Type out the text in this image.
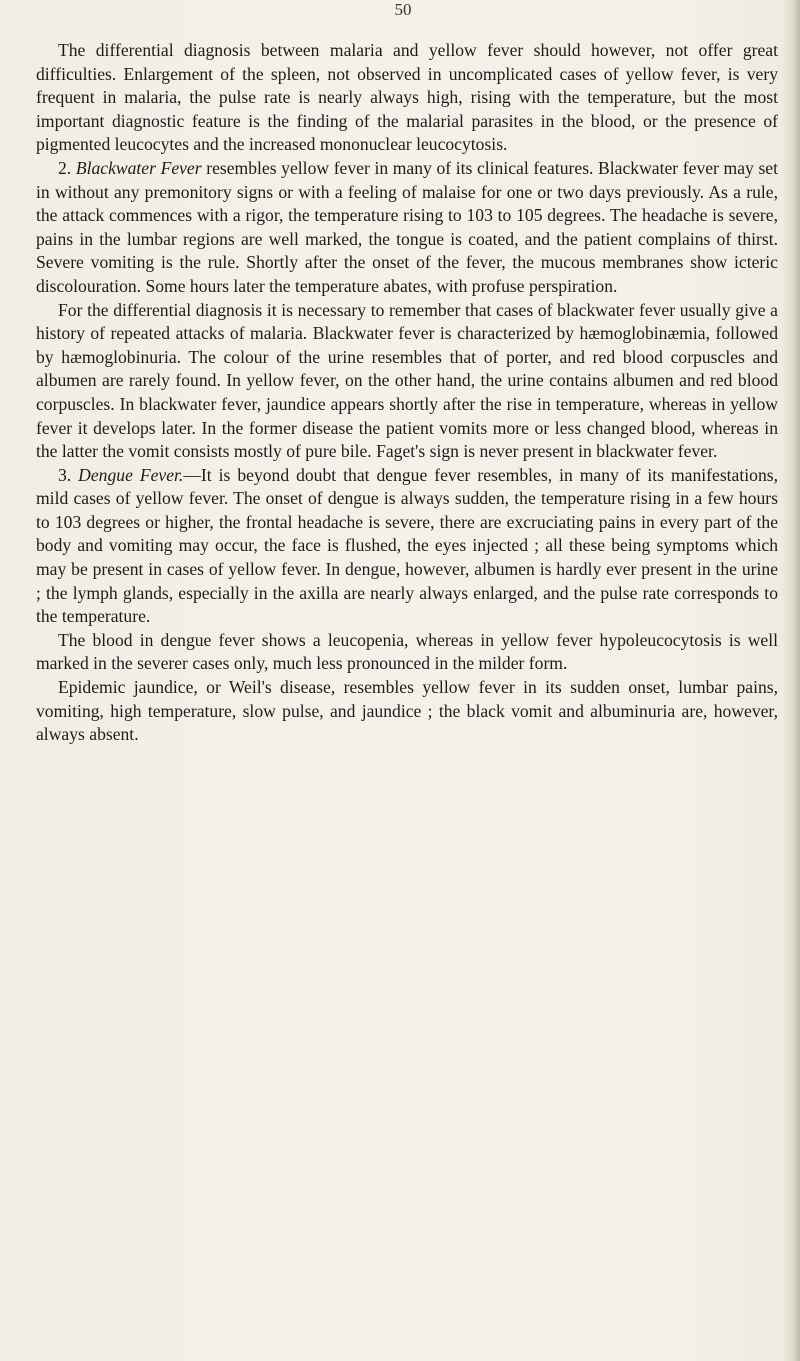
50

The differential diagnosis between malaria and yellow fever should however, not offer great difficulties. Enlargement of the spleen, not observed in uncomplicated cases of yellow fever, is very frequent in malaria, the pulse rate is nearly always high, rising with the temperature, but the most important diagnostic feature is the finding of the malarial parasites in the blood, or the presence of pigmented leucocytes and the increased mononuclear leucocytosis.

2. Blackwater Fever resembles yellow fever in many of its clinical features. Blackwater fever may set in without any premonitory signs or with a feeling of malaise for one or two days previously. As a rule, the attack commences with a rigor, the temperature rising to 103 to 105 degrees. The headache is severe, pains in the lumbar regions are well marked, the tongue is coated, and the patient complains of thirst. Severe vomiting is the rule. Shortly after the onset of the fever, the mucous membranes show icteric discolouration. Some hours later the temperature abates, with profuse perspiration.

For the differential diagnosis it is necessary to remember that cases of blackwater fever usually give a history of repeated attacks of malaria. Blackwater fever is characterized by hæmoglobinæmia, followed by hæmoglobinuria. The colour of the urine resembles that of porter, and red blood corpuscles and albumen are rarely found. In yellow fever, on the other hand, the urine contains albumen and red blood corpuscles. In blackwater fever, jaundice appears shortly after the rise in temperature, whereas in yellow fever it develops later. In the former disease the patient vomits more or less changed blood, whereas in the latter the vomit consists mostly of pure bile. Faget's sign is never present in blackwater fever.

3. Dengue Fever.—It is beyond doubt that dengue fever resembles, in many of its manifestations, mild cases of yellow fever. The onset of dengue is always sudden, the temperature rising in a few hours to 103 degrees or higher, the frontal headache is severe, there are excruciating pains in every part of the body and vomiting may occur, the face is flushed, the eyes injected ; all these being symptoms which may be present in cases of yellow fever. In dengue, however, albumen is hardly ever present in the urine ; the lymph glands, especially in the axilla are nearly always enlarged, and the pulse rate corresponds to the temperature.

The blood in dengue fever shows a leucopenia, whereas in yellow fever hypoleucocytosis is well marked in the severer cases only, much less pronounced in the milder form.

Epidemic jaundice, or Weil's disease, resembles yellow fever in its sudden onset, lumbar pains, vomiting, high temperature, slow pulse, and jaundice ; the black vomit and albuminuria are, however, always absent.
